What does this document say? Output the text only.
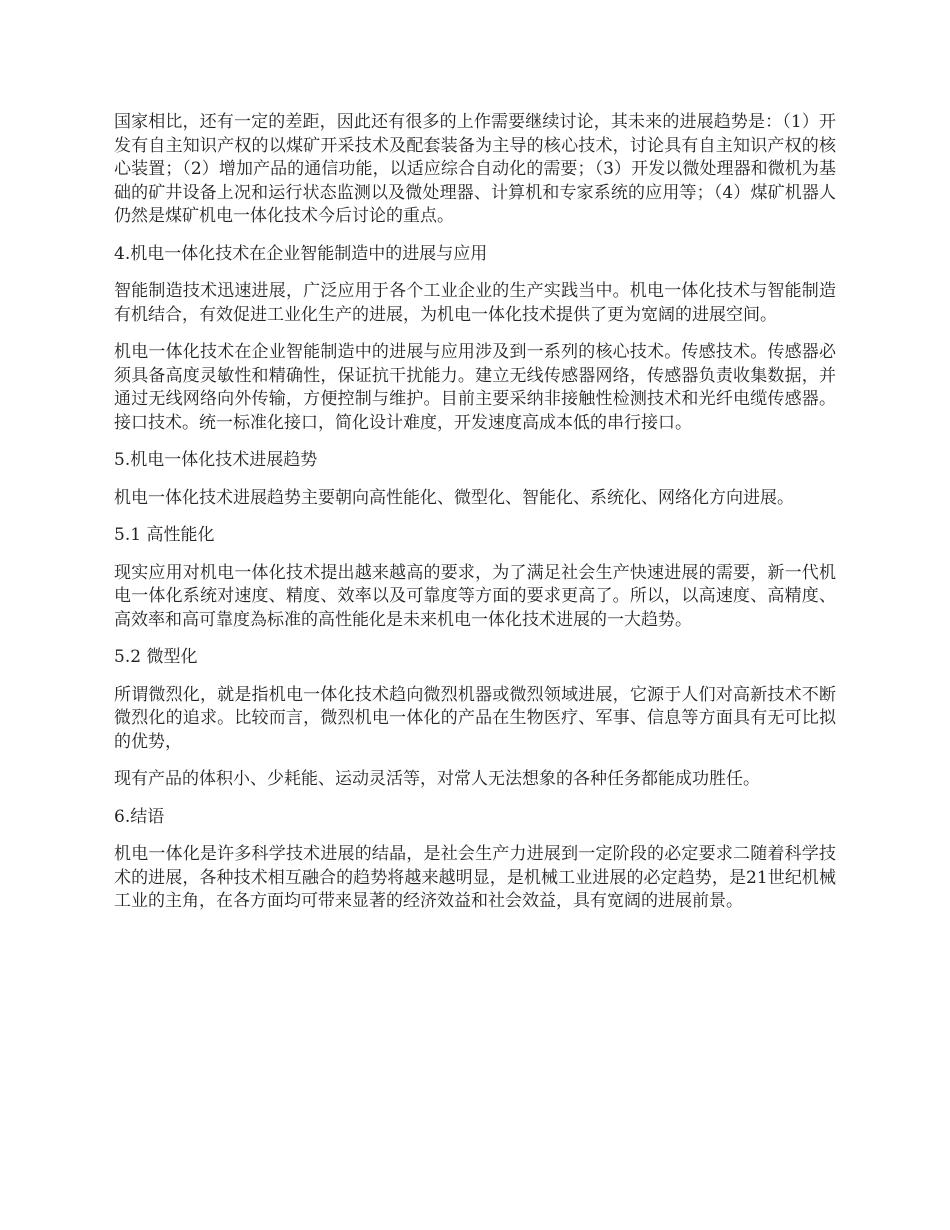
国家相比，还有一定的差距，因此还有很多的上作需要继续讨论，其未来的进展趋势是：（1）开发有自主知识产权的以煤矿开采技术及配套装备为主导的核心技术，讨论具有自主知识产权的核心装置；（2）增加产品的通信功能，以适应综合自动化的需要；（3）开发以微处理器和微机为基础的矿井设备上况和运行状态监测以及微处理器、计算机和专家系统的应用等；（4）煤矿机器人仍然是煤矿机电一体化技术今后讨论的重点。

4.机电一体化技术在企业智能制造中的进展与应用

智能制造技术迅速进展，广泛应用于各个工业企业的生产实践当中。机电一体化技术与智能制造有机结合，有效促进工业化生产的进展，为机电一体化技术提供了更为宽阔的进展空间。

机电一体化技术在企业智能制造中的进展与应用涉及到一系列的核心技术。传感技术。传感器必须具备高度灵敏性和精确性，保证抗干扰能力。建立无线传感器网络，传感器负责收集数据，并通过无线网络向外传输，方便控制与维护。目前主要采纳非接触性检测技术和光纤电缆传感器。接口技术。统一标准化接口，简化设计难度，开发速度高成本低的串行接口。

5.机电一体化技术进展趋势

机电一体化技术进展趋势主要朝向高性能化、微型化、智能化、系统化、网络化方向进展。

5.1 高性能化

现实应用对机电一体化技术提出越来越高的要求，为了满足社会生产快速进展的需要，新一代机电一体化系统对速度、精度、效率以及可靠度等方面的要求更高了。所以，以高速度、高精度、高效率和高可靠度為标准的高性能化是未来机电一体化技术进展的一大趋势。

5.2 微型化

所谓微烈化，就是指机电一体化技术趋向微烈机器或微烈领域进展，它源于人们对高新技术不断微烈化的追求。比较而言，微烈机电一体化的产品在生物医疗、军事、信息等方面具有无可比拟的优势，

现有产品的体积小、少耗能、运动灵活等，对常人无法想象的各种任务都能成功胜任。

6.结语

机电一体化是许多科学技术进展的结晶，是社会生产力进展到一定阶段的必定要求二随着科学技术的进展，各种技术相互融合的趋势将越来越明显，是机械工业进展的必定趋势，是21世纪机械工业的主角，在各方面均可带来显著的经济效益和社会效益，具有宽阔的进展前景。
